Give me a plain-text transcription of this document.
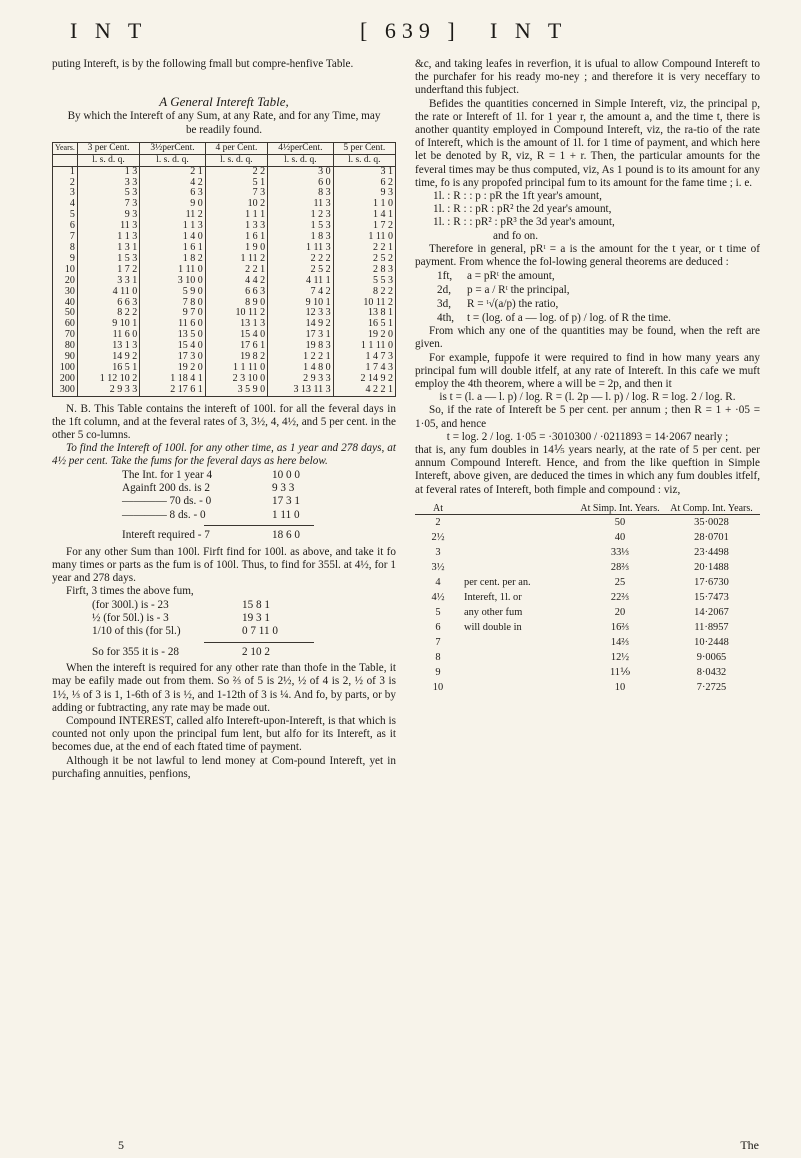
I N T	[ 639 ] I N T

puting Intereft, is by the following fmall but compre-henfive Table.

A General Intereft Table,
By which the Intereft of any Sum, at any Rate, and for any Time, may be readily found.
Years.	3 per Cent.	3½perCent.	4 per Cent.	4½perCent.	5 per Cent.
	l. s. d. q.	l. s. d. q.	l. s. d. q.	l. s. d. q.	l. s. d. q.
1	1 3	2 1	2 2	3 0	3 1
2	3 3	4 2	5 1	6 0	6 2
3	5 3	6 3	7 3	8 3	9 3
4	7 3	9 0	10 2	11 3	1 1 0
5	9 3	11 2	1 1 1	1 2 3	1 4 1
6	11 3	1 1 3	1 3 3	1 5 3	1 7 2
7	1 1 3	1 4 0	1 6 1	1 8 3	1 11 0
8	1 3 1	1 6 1	1 9 0	1 11 3	2 2 1
9	1 5 3	1 8 2	1 11 2	2 2 2	2 5 2
10	1 7 2	1 11 0	2 2 1	2 5 2	2 8 3
20	3 3 1	3 10 0	4 4 2	4 11 1	5 5 3
30	4 11 0	5 9 0	6 6 3	7 4 2	8 2 2
40	6 6 3	7 8 0	8 9 0	9 10 1	10 11 2
50	8 2 2	9 7 0	10 11 2	12 3 3	13 8 1
60	9 10 1	11 6 0	13 1 3	14 9 2	16 5 1
70	11 6 0	13 5 0	15 4 0	17 3 1	19 2 0
80	13 1 3	15 4 0	17 6 1	19 8 3	1 1 11 0
90	14 9 2	17 3 0	19 8 2	1 2 2 1	1 4 7 3
100	16 5 1	19 2 0	1 1 11 0	1 4 8 0	1 7 4 3
200	1 12 10 2	1 18 4 1	2 3 10 0	2 9 3 3	2 14 9 2
300	2 9 3 3	2 17 6 1	3 5 9 0	3 13 11 3	4 2 2 1

N. B. This Table contains the intereft of 100l. for all the feveral days in the 1ft column, and at the feveral rates of 3, 3½, 4, 4½, and 5 per cent. in the other 5 co-lumns.

To find the Intereft of 100l. for any other time, as 1 year and 278 days, at 4½ per cent. Take the fums for the feveral days as here below.

The Int. for 1 year 4	10 0 0
Againft 200 ds. is 2	9 3 3
———— 70 ds. - 0	17 3 1
———— 8 ds. - 0	1 11 0
Intereft required - 7	18 6 0

For any other Sum than 100l. Firft find for 100l. as above, and take it fo many times or parts as the fum is of 100l. Thus, to find for 355l. at 4½, for 1 year and 278 days.

Firft, 3 times the above fum,

(for 300l.) is - 23	15 8 1
½ (for 50l.) is - 3	19 3 1
1/10 of this (for 5l.)	0 7 11 0
So for 355 it is - 28	2 10 2

When the intereft is required for any other rate than thofe in the Table, it may be eafily made out from them. So ⅔ of 5 is 2½, ½ of 4 is 2, ½ of 3 is 1½, ⅓ of 3 is 1, 1-6th of 3 is ½, and 1-12th of 3 is ¼. And fo, by parts, or by adding or fubtracting, any rate may be made out.

Compound INTEREST, called alfo Intereft-upon-Intereft, is that which is counted not only upon the principal fum lent, but alfo for its Intereft, as it becomes due, at the end of each ftated time of payment.

Although it be not lawful to lend money at Com-pound Intereft, yet in purchafing annuities, penfions,

&c, and taking leafes in reverfion, it is ufual to allow Compound Intereft to the purchafer for his ready mo-ney ; and therefore it is very neceffary to underftand this fubject.

Befides the quantities concerned in Simple Intereft, viz, the principal p, the rate or Intereft of 1l. for 1 year r, the amount a, and the time t, there is another quantity employed in Compound Intereft, viz, the ra-tio of the rate of Intereft, which is the amount of 1l. for 1 time of payment, and which here let be denoted by R, viz, R = 1 + r. Then, the particular amounts for the feveral times may be thus computed, viz, As 1 pound is to its amount for any time, fo is any propofed principal fum to its amount for the fame time ; i. e.

1l. : R : : p : pR the 1ft year's amount,
1l. : R : : pR : pR² the 2d year's amount,
1l. : R : : pR² : pR³ the 3d year's amount,
and fo on.

Therefore in general, pRᵗ = a is the amount for the t year, or t time of payment. From whence the fol-lowing general theorems are deduced :

1ft, a = pRᵗ the amount,
2d, p = a / Rᵗ the principal,
3d, R = ᵗ√(a/p) the ratio,
4th, t = (log. of a — log. of p) / log. of R the time.

From which any one of the quantities may be found, when the reft are given.

For example, fuppofe it were required to find in how many years any principal fum will double itfelf, at any rate of Intereft. In this cafe we muft employ the 4th theorem, where a will be = 2p, and then it

is t = (l. a — l. p) / log. R = (l. 2p — l. p) / log. R = log. 2 / log. R.

So, if the rate of Intereft be 5 per cent. per annum ; then R = 1 + ·05 = 1·05, and hence

t = log. 2 / log. 1·05 = ·3010300 / ·0211893 = 14·2067 nearly ;

that is, any fum doubles in 14⅕ years nearly, at the rate of 5 per cent. per annum Compound Intereft. Hence, and from the like queftion in Simple Intereft, above given, are deduced the times in which any fum doubles itfelf, at feveral rates of Intereft, both fimple and compound : viz,

At		At Simp. Int. Years.	At Comp. Int. Years.
2		50	35·0028
2½		40	28·0701
3		33⅓	23·4498
3½		28⅔	20·1488
4	per cent. per an.	25	17·6730
4½	Intereft, 1l. or	22⅔	15·7473
5	any other fum	20	14·2067
6	will double in	16⅔	11·8957
7		14⅔	10·2448
8		12½	9·0065
9		11⅑	8·0432
10		10	7·2725
5	The
